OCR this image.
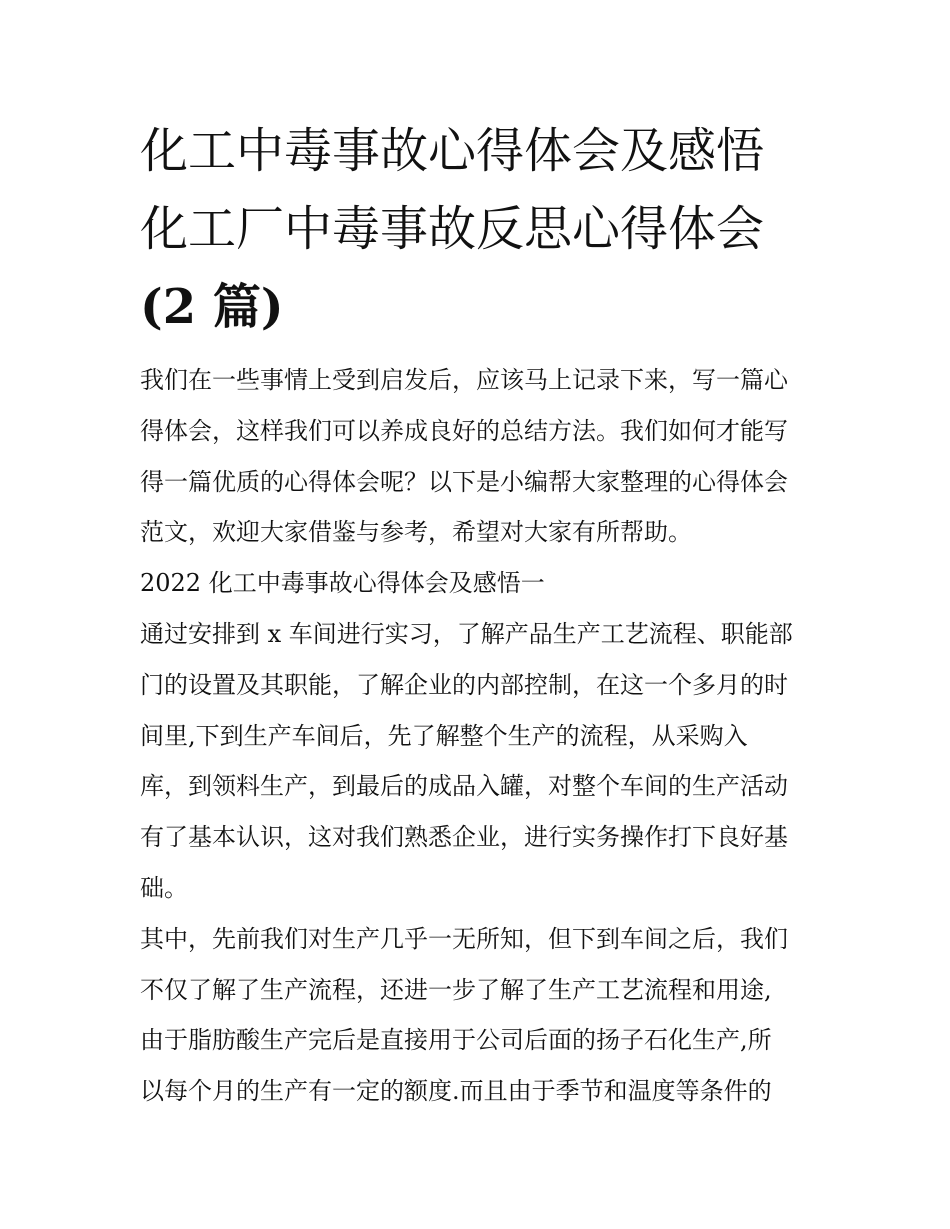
化工中毒事故心得体会及感悟
化工厂中毒事故反思心得体会
(2 篇)
我们在一些事情上受到启发后，应该马上记录下来，写一篇心
得体会，这样我们可以养成良好的总结方法。我们如何才能写
得一篇优质的心得体会呢？以下是小编帮大家整理的心得体会
范文，欢迎大家借鉴与参考，希望对大家有所帮助。
2022 化工中毒事故心得体会及感悟一
通过安排到 x 车间进行实习，了解产品生产工艺流程、职能部
门的设置及其职能，了解企业的内部控制，在这一个多月的时
间里,下到生产车间后，先了解整个生产的流程，从采购入
库，到领料生产，到最后的成品入罐，对整个车间的生产活动
有了基本认识，这对我们熟悉企业，进行实务操作打下良好基
础。
其中，先前我们对生产几乎一无所知，但下到车间之后，我们
不仅了解了生产流程，还进一步了解了生产工艺流程和用途,
由于脂肪酸生产完后是直接用于公司后面的扬子石化生产,所
以每个月的生产有一定的额度.而且由于季节和温度等条件的
